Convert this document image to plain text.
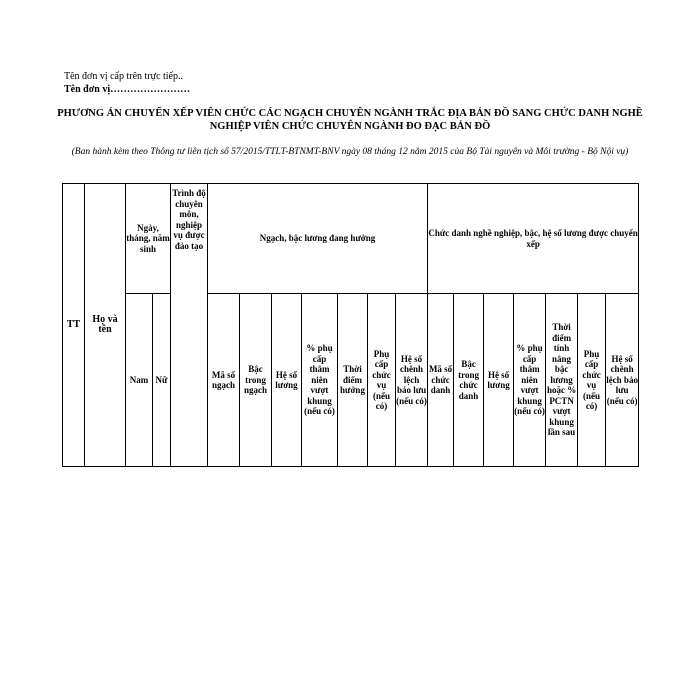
Tên đơn vị cấp trên trực tiếp..
Tên đơn vị……………………
PHƯƠNG ÁN CHUYỂN XẾP VIÊN CHỨC CÁC NGẠCH CHUYÊN NGÀNH TRẮC ĐỊA BẢN ĐỒ SANG CHỨC DANH NGHỀ NGHIỆP VIÊN CHỨC CHUYÊN NGÀNH ĐO ĐẠC BẢN ĐỒ
(Ban hành kèm theo Thông tư liên tịch số 57/2015/TTLT-BTNMT-BNV ngày 08 tháng 12 năm 2015 của Bộ Tài nguyên và Môi trường - Bộ Nội vụ)
TT	Họ và tên	Ngày, tháng, năm sinh		Trình độ chuyên môn, nghiệp vụ được đào tạo	Ngạch, bậc lương đang hưởng							Chức danh nghề nghiệp, bậc, hệ số lương được chuyển xếp						
		Nam	Nữ		Mã số ngạch	Bậc trong ngạch	Hệ số lương	% phụ cấp thâm niên vượt khung (nếu có)	Thời điểm hưởng	Phụ cấp chức vụ (nếu có)	Hệ số chênh lệch bảo lưu (nếu có)	Mã số chức danh	Bậc trong chức danh	Hệ số lương	% phụ cấp thâm niên vượt khung (nếu có)	Thời điểm tính nâng bậc lương hoặc % PCTN vượt khung lần sau	Phụ cấp chức vụ (nếu có)	Hệ số chênh lệch bảo lưu (nếu có)
